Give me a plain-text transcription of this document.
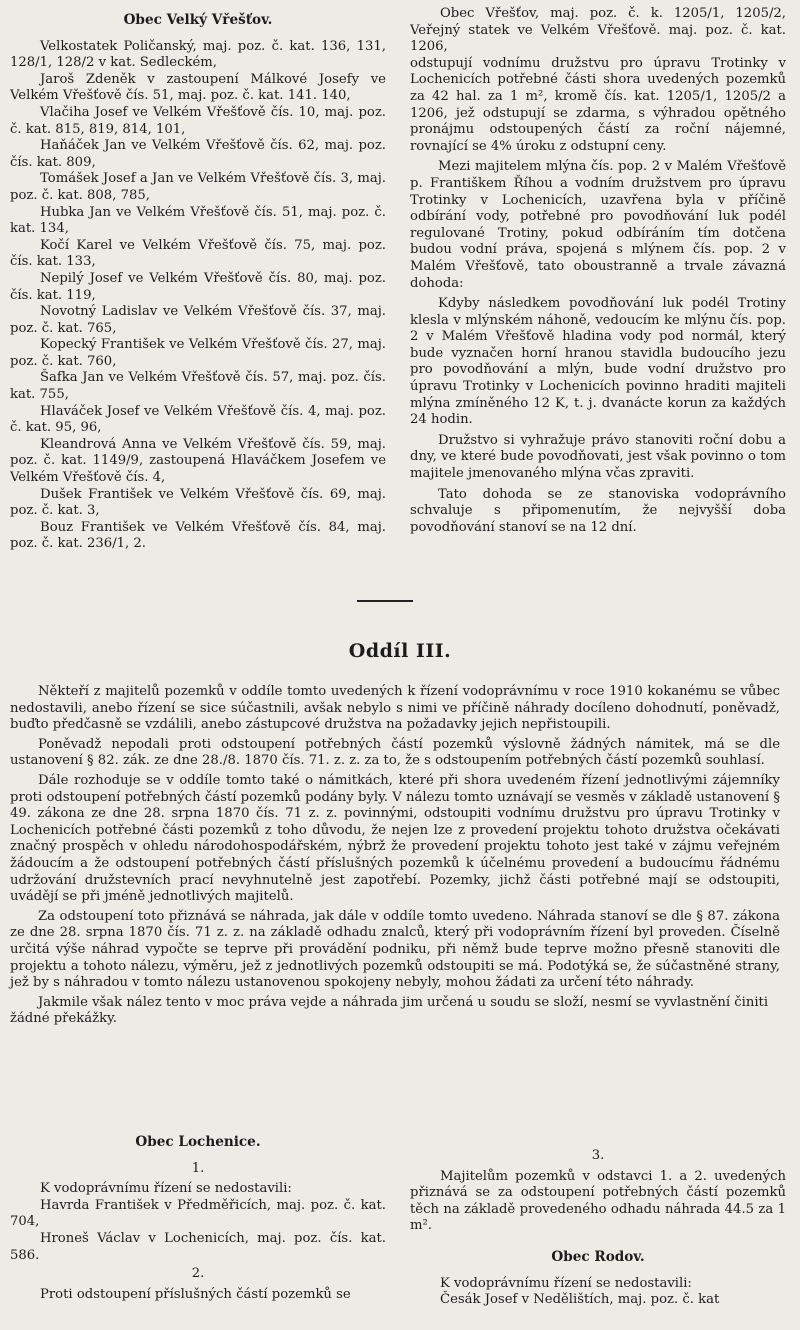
Obec Velký Vřešťov.

Velkostatek Poličanský, maj. poz. č. kat. 136, 131, 128/1, 128/2 v kat. Sedleckém,

Jaroš Zdeněk v zastoupení Málkové Josefy ve Velkém Vřešťově čís. 51, maj. poz. č. kat. 141. 140,

Vlačiha Josef ve Velkém Vřešťově čís. 10, maj. poz. č. kat. 815, 819, 814, 101,

Haňáček Jan ve Velkém Vřešťově čís. 62, maj. poz. čís. kat. 809,

Tomášek Josef a Jan ve Velkém Vřešťově čís. 3, maj. poz. č. kat. 808, 785,

Hubka Jan ve Velkém Vřešťově čís. 51, maj. poz. č. kat. 134,

Kočí Karel ve Velkém Vřešťově čís. 75, maj. poz. čís. kat. 133,

Nepilý Josef ve Velkém Vřešťově čís. 80, maj. poz. čís. kat. 119,

Novotný Ladislav ve Velkém Vřešťově čís. 37, maj. poz. č. kat. 765,

Kopecký František ve Velkém Vřešťově čís. 27, maj. poz. č. kat. 760,

Šafka Jan ve Velkém Vřešťově čís. 57, maj. poz. čís. kat. 755,

Hlaváček Josef ve Velkém Vřešťově čís. 4, maj. poz. č. kat. 95, 96,

Kleandrová Anna ve Velkém Vřešťově čís. 59, maj. poz. č. kat. 1149/9, zastoupená Hlaváčkem Josefem ve Velkém Vřešťově čís. 4,

Dušek František ve Velkém Vřešťově čís. 69, maj. poz. č. kat. 3,

Bouz František ve Velkém Vřešťově čís. 84, maj. poz. č. kat. 236/1, 2.

Obec Vřešťov, maj. poz. č. k. 1205/1, 1205/2, Veřejný statek ve Velkém Vřešťově. maj. poz. č. kat. 1206,

odstupují vodnímu družstvu pro úpravu Trotinky v Lochenicích potřebné části shora uvedených pozemků za 42 hal. za 1 m², kromě čís. kat. 1205/1, 1205/2 a 1206, jež odstupují se zdarma, s výhradou opětného pronájmu odstoupených částí za roční nájemné, rovnající se 4% úroku z odstupní ceny.

Mezi majitelem mlýna čís. pop. 2 v Malém Vřešťově p. Františkem Říhou a vodním družstvem pro úpravu Trotinky v Lochenicích, uzavřena byla v příčině odbírání vody, potřebné pro povodňování luk podél regulované Trotiny, pokud odbíráním tím dotčena budou vodní práva, spojená s mlýnem čís. pop. 2 v Malém Vřešťově, tato oboustranně a trvale závazná dohoda:

Kdyby následkem povodňování luk podél Trotiny klesla v mlýnském náhoně, vedoucím ke mlýnu čís. pop. 2 v Malém Vřešťově hladina vody pod normál, který bude vyznačen horní hranou stavidla budoucího jezu pro povodňování a mlýn, bude vodní družstvo pro úpravu Trotinky v Lochenicích povinno hraditi majiteli mlýna zmíněného 12 K, t. j. dvanácte korun za každých 24 hodin.

Družstvo si vyhražuje právo stanoviti roční dobu a dny, ve které bude povodňovati, jest však povinno o tom majitele jmenovaného mlýna včas zpraviti.

Tato dohoda se ze stanoviska vodoprávního schvaluje s připomenutím, že nejvyšší doba povodňování stanoví se na 12 dní.

Oddíl III.

Někteří z majitelů pozemků v oddíle tomto uvedených k řízení vodoprávnímu v roce 1910 kokanému se vůbec nedostavili, anebo řízení se sice súčastnili, avšak nebylo s nimi ve příčině náhrady docíleno dohodnutí, poněvadž, buďto předčasně se vzdálili, anebo zástupcové družstva na požadavky jejich nepřistoupili.

Poněvadž nepodali proti odstoupení potřebných částí pozemků výslovně žádných námitek, má se dle ustanovení § 82. zák. ze dne 28./8. 1870 čís. 71. z. z. za to, že s odstoupením potřebných částí pozemků souhlasí.

Dále rozhoduje se v oddíle tomto také o námitkách, které při shora uvedeném řízení jednotlivými zájemníky proti odstoupení potřebných částí pozemků podány byly. V nálezu tomto uznávají se vesměs v základě ustanovení § 49. zákona ze dne 28. srpna 1870 čís. 71 z. z. povinnými, odstoupiti vodnímu družstvu pro úpravu Trotinky v Lochenicích potřebné části pozemků z toho důvodu, že nejen lze z provedení projektu tohoto družstva očekávati značný prospěch v ohledu národohospodářském, nýbrž že provedení projektu tohoto jest také v zájmu veřejném žádoucím a že odstoupení potřebných částí příslušných pozemků k účelnému provedení a budoucímu řádnému udržování družstevních prací nevyhnutelně jest zapotřebí. Pozemky, jichž části potřebné mají se odstoupiti, uvádějí se při jméně jednotlivých majitelů.

Za odstoupení toto přiznává se náhrada, jak dále v oddíle tomto uvedeno. Náhrada stanoví se dle § 87. zákona ze dne 28. srpna 1870 čís. 71 z. z. na základě odhadu znalců, který při vodoprávním řízení byl proveden. Číselně určitá výše náhrad vypočte se teprve při provádění podniku, při němž bude teprve možno přesně stanoviti dle projektu a tohoto nálezu, výměru, jež z jednotlivých pozemků odstoupiti se má. Podotýká se, že súčastněné strany, jež by s náhradou v tomto nálezu ustanovenou spokojeny nebyly, mohou žádati za určení této náhrady.

Jakmile však nález tento v moc práva vejde a náhrada jim určená u soudu se složí, nesmí se vyvlastnění činiti žádné překážky.

Obec Lochenice.
1.

K vodoprávnímu řízení se nedostavili:

Havrda František v Předměřicích, maj. poz. č. kat. 704,

Hroneš Václav v Lochenicích, maj. poz. čís. kat. 586.

2.

Proti odstoupení příslušných částí pozemků se

3.

Majitelům pozemků v odstavci 1. a 2. uvedených přiznává se za odstoupení potřebných částí pozemků těch na základě provedeného odhadu náhrada 44.5 za 1 m².

Obec Rodov.

K vodoprávnímu řízení se nedostavili:

Česák Josef v Nedělištích, maj. poz. č. kat
